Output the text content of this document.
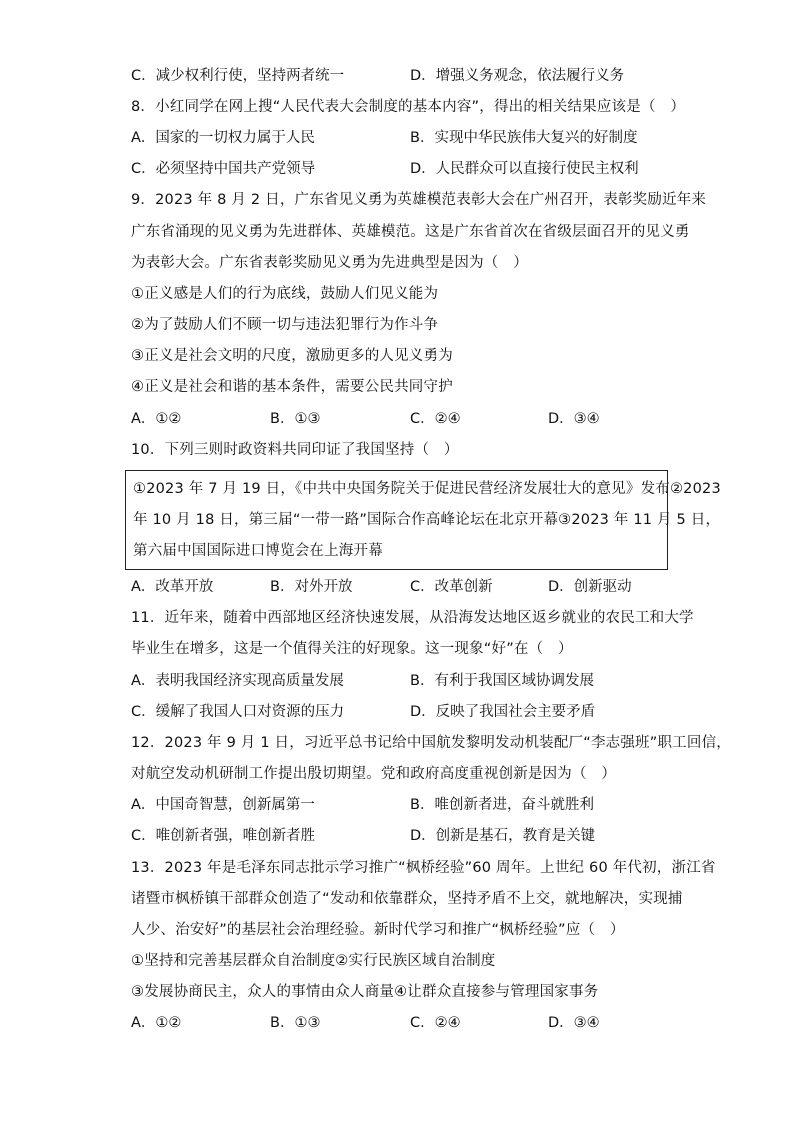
C．减少权利行使，坚持两者统一	D．增强义务观念，依法履行义务
8．小红同学在网上搜“人民代表大会制度的基本内容”，得出的相关结果应该是（　）
A．国家的一切权力属于人民	B．实现中华民族伟大复兴的好制度
C．必须坚持中国共产党领导	D．人民群众可以直接行使民主权利
9．2023 年 8 月 2 日，广东省见义勇为英雄模范表彰大会在广州召开，表彰奖励近年来
广东省涌现的见义勇为先进群体、英雄模范。这是广东省首次在省级层面召开的见义勇
为表彰大会。广东省表彰奖励见义勇为先进典型是因为（　）
①正义感是人们的行为底线，鼓励人们见义能为
②为了鼓励人们不顾一切与违法犯罪行为作斗争
③正义是社会文明的尺度，激励更多的人见义勇为
④正义是社会和谐的基本条件，需要公民共同守护
A．①②	B．①③	C．②④	D．③④
10．下列三则时政资料共同印证了我国坚持（　）
①2023 年 7 月 19 日，《中共中央国务院关于促进民营经济发展壮大的意见》发布②2023
年 10 月 18 日，第三届“一带一路”国际合作高峰论坛在北京开幕③2023 年 11 月 5 日，
第六届中国国际进口博览会在上海开幕
A．改革开放	B．对外开放	C．改革创新	D．创新驱动
11．近年来，随着中西部地区经济快速发展，从沿海发达地区返乡就业的农民工和大学
毕业生在增多，这是一个值得关注的好现象。这一现象“好”在（　）
A．表明我国经济实现高质量发展	B．有利于我国区域协调发展
C．缓解了我国人口对资源的压力	D．反映了我国社会主要矛盾
12．2023 年 9 月 1 日，习近平总书记给中国航发黎明发动机装配厂“李志强班”职工回信，
对航空发动机研制工作提出殷切期望。党和政府高度重视创新是因为（　）
A．中国奇智慧，创新属第一	B．唯创新者进，奋斗就胜利
C．唯创新者强，唯创新者胜	D．创新是基石，教育是关键
13．2023 年是毛泽东同志批示学习推广“枫桥经验”60 周年。上世纪 60 年代初，浙江省
诸暨市枫桥镇干部群众创造了“发动和依靠群众，坚持矛盾不上交，就地解决，实现捕
人少、治安好”的基层社会治理经验。新时代学习和推广“枫桥经验”应（　）
①坚持和完善基层群众自治制度②实行民族区域自治制度
③发展协商民主，众人的事情由众人商量④让群众直接参与管理国家事务
A．①②	B．①③	C．②④	D．③④
